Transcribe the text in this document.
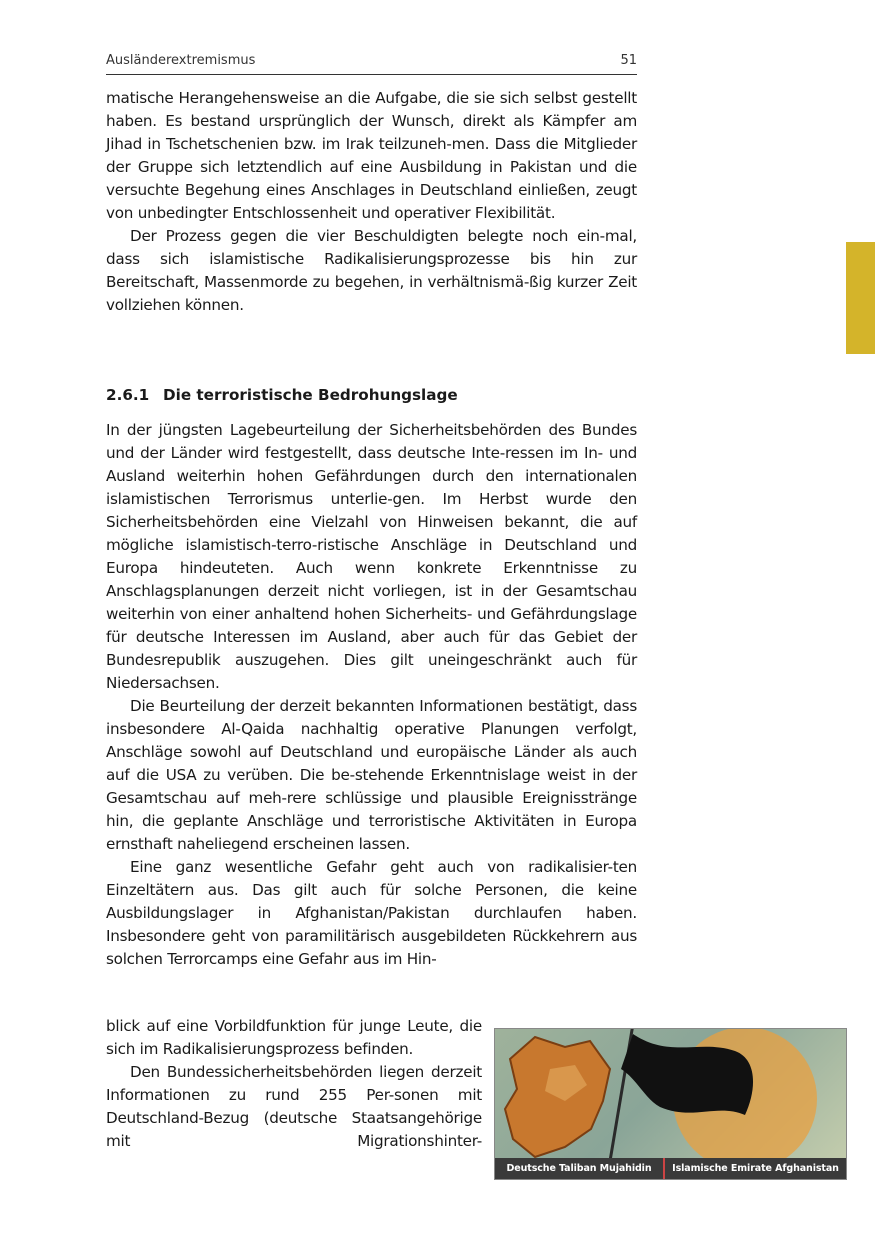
Ausländerextremismus	51

matische Herangehensweise an die Aufgabe, die sie sich selbst gestellt haben. Es bestand ursprünglich der Wunsch, direkt als Kämpfer am Jihad in Tschetschenien bzw. im Irak teilzuneh-men. Dass die Mitglieder der Gruppe sich letztendlich auf eine Ausbildung in Pakistan und die versuchte Begehung eines Anschlages in Deutschland einließen, zeugt von unbedingter Entschlossenheit und operativer Flexibilität.

Der Prozess gegen die vier Beschuldigten belegte noch ein-mal, dass sich islamistische Radikalisierungsprozesse bis hin zur Bereitschaft, Massenmorde zu begehen, in verhältnismä-ßig kurzer Zeit vollziehen können.

2.6.1 Die terroristische Bedrohungslage

In der jüngsten Lagebeurteilung der Sicherheitsbehörden des Bundes und der Länder wird festgestellt, dass deutsche Inte-ressen im In- und Ausland weiterhin hohen Gefährdungen durch den internationalen islamistischen Terrorismus unterlie-gen. Im Herbst wurde den Sicherheitsbehörden eine Vielzahl von Hinweisen bekannt, die auf mögliche islamistisch-terro-ristische Anschläge in Deutschland und Europa hindeuteten. Auch wenn konkrete Erkenntnisse zu Anschlagsplanungen derzeit nicht vorliegen, ist in der Gesamtschau weiterhin von einer anhaltend hohen Sicherheits- und Gefährdungslage für deutsche Interessen im Ausland, aber auch für das Gebiet der Bundesrepublik auszugehen. Dies gilt uneingeschränkt auch für Niedersachsen.

Die Beurteilung der derzeit bekannten Informationen bestätigt, dass insbesondere Al-Qaida nachhaltig operative Planungen verfolgt, Anschläge sowohl auf Deutschland und europäische Länder als auch auf die USA zu verüben. Die be-stehende Erkenntnislage weist in der Gesamtschau auf meh-rere schlüssige und plausible Ereignisstränge hin, die geplante Anschläge und terroristische Aktivitäten in Europa ernsthaft naheliegend erscheinen lassen.

Eine ganz wesentliche Gefahr geht auch von radikalisier-ten Einzeltätern aus. Das gilt auch für solche Personen, die keine Ausbildungslager in Afghanistan/Pakistan durchlaufen haben. Insbesondere geht von paramilitärisch ausgebildeten Rückkehrern aus solchen Terrorcamps eine Gefahr aus im Hin-

blick auf eine Vorbildfunktion für junge Leute, die sich im Radikalisierungsprozess befinden.

Den Bundessicherheitsbehörden liegen derzeit Informationen zu rund 255 Per-sonen mit Deutschland-Bezug (deutsche Staatsangehörige mit Migrationshinter-

Deutsche Taliban Mujahidin	Islamische Emirate Afghanistan
